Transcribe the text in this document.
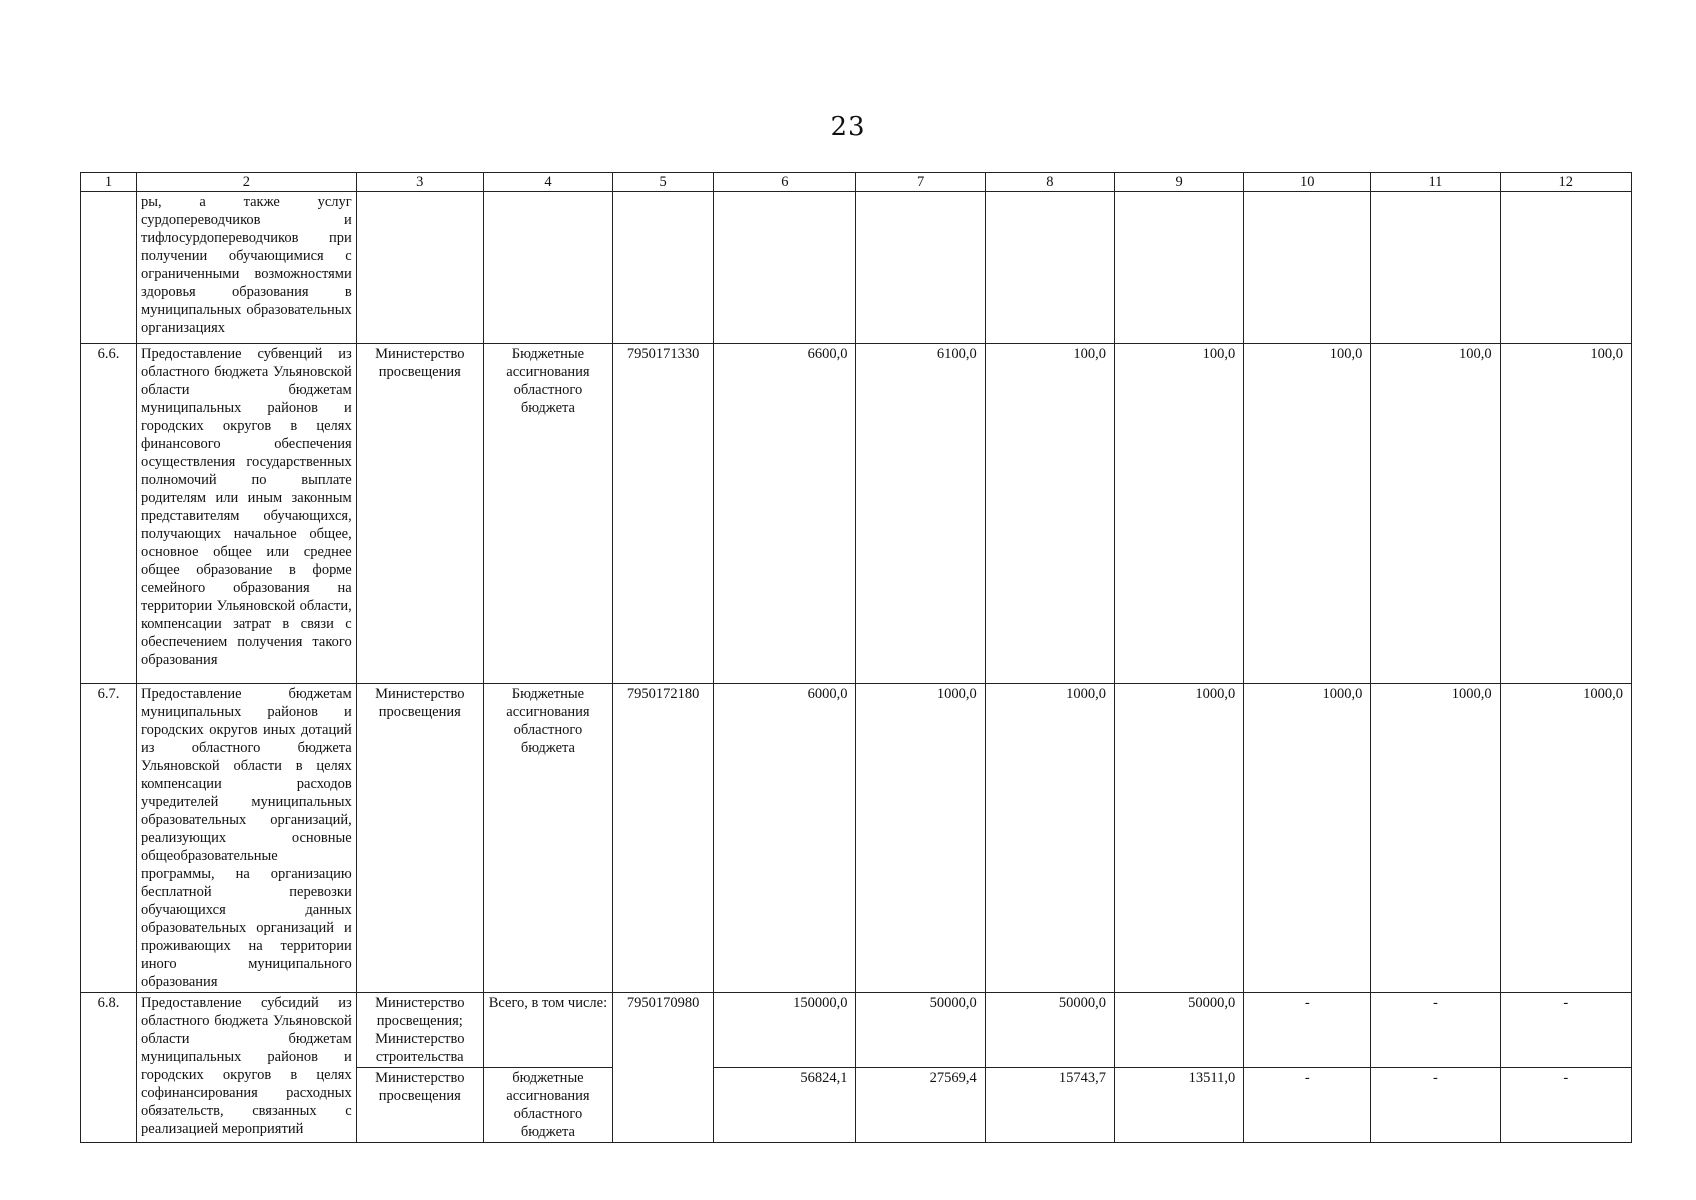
23
1	2	3	4	5	6	7	8	9	10	11	12
	ры, а также услуг сурдопереводчиков и тифлосурдопереводчиков при получении обучающимися с ограниченными возможностями здоровья образования в муниципальных образовательных организациях										
6.6.	Предоставление субвенций из областного бюджета Ульяновской области бюджетам муниципальных районов и городских округов в целях финансового обеспечения осуществления государственных полномочий по выплате родителям или иным законным представителям обучающихся, получающих начальное общее, основное общее или среднее общее образование в форме семейного образования на территории Ульяновской области, компенсации затрат в связи с обеспечением получения такого образования	Министерство просвещения	Бюджетные ассигнования областного бюджета	7950171330	6600,0	6100,0	100,0	100,0	100,0	100,0	100,0
6.7.	Предоставление бюджетам муниципальных районов и городских округов иных дотаций из областного бюджета Ульяновской области в целях компенсации расходов учредителей муниципальных образовательных организаций, реализующих основные общеобразовательные программы, на организацию бесплатной перевозки обучающихся данных образовательных организаций и проживающих на территории иного муниципального образования	Министерство просвещения	Бюджетные ассигнования областного бюджета	7950172180	6000,0	1000,0	1000,0	1000,0	1000,0	1000,0	1000,0
6.8.	Предоставление субсидий из областного бюджета Ульяновской области бюджетам муниципальных районов и городских округов в целях софинансирования расходных обязательств, связанных с реализацией мероприятий	Министерство просвещения; Министерство строительства	Всего, в том числе:	7950170980	150000,0	50000,0	50000,0	50000,0	-	-	-
		Министерство просвещения	бюджетные ассигнования областного бюджета		56824,1	27569,4	15743,7	13511,0	-	-	-
